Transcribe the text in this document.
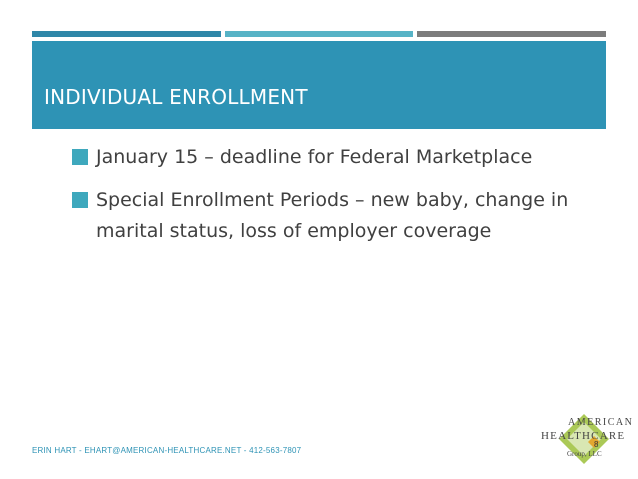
INDIVIDUAL ENROLLMENT
January 15 – deadline for Federal Marketplace
Special Enrollment Periods – new baby, change in marital status, loss of employer coverage
ERIN HART - EHART@AMERICAN-HEALTHCARE.NET - 412-563-7807
AMERICAN
HEALTHCARE
Group, LLC
8
